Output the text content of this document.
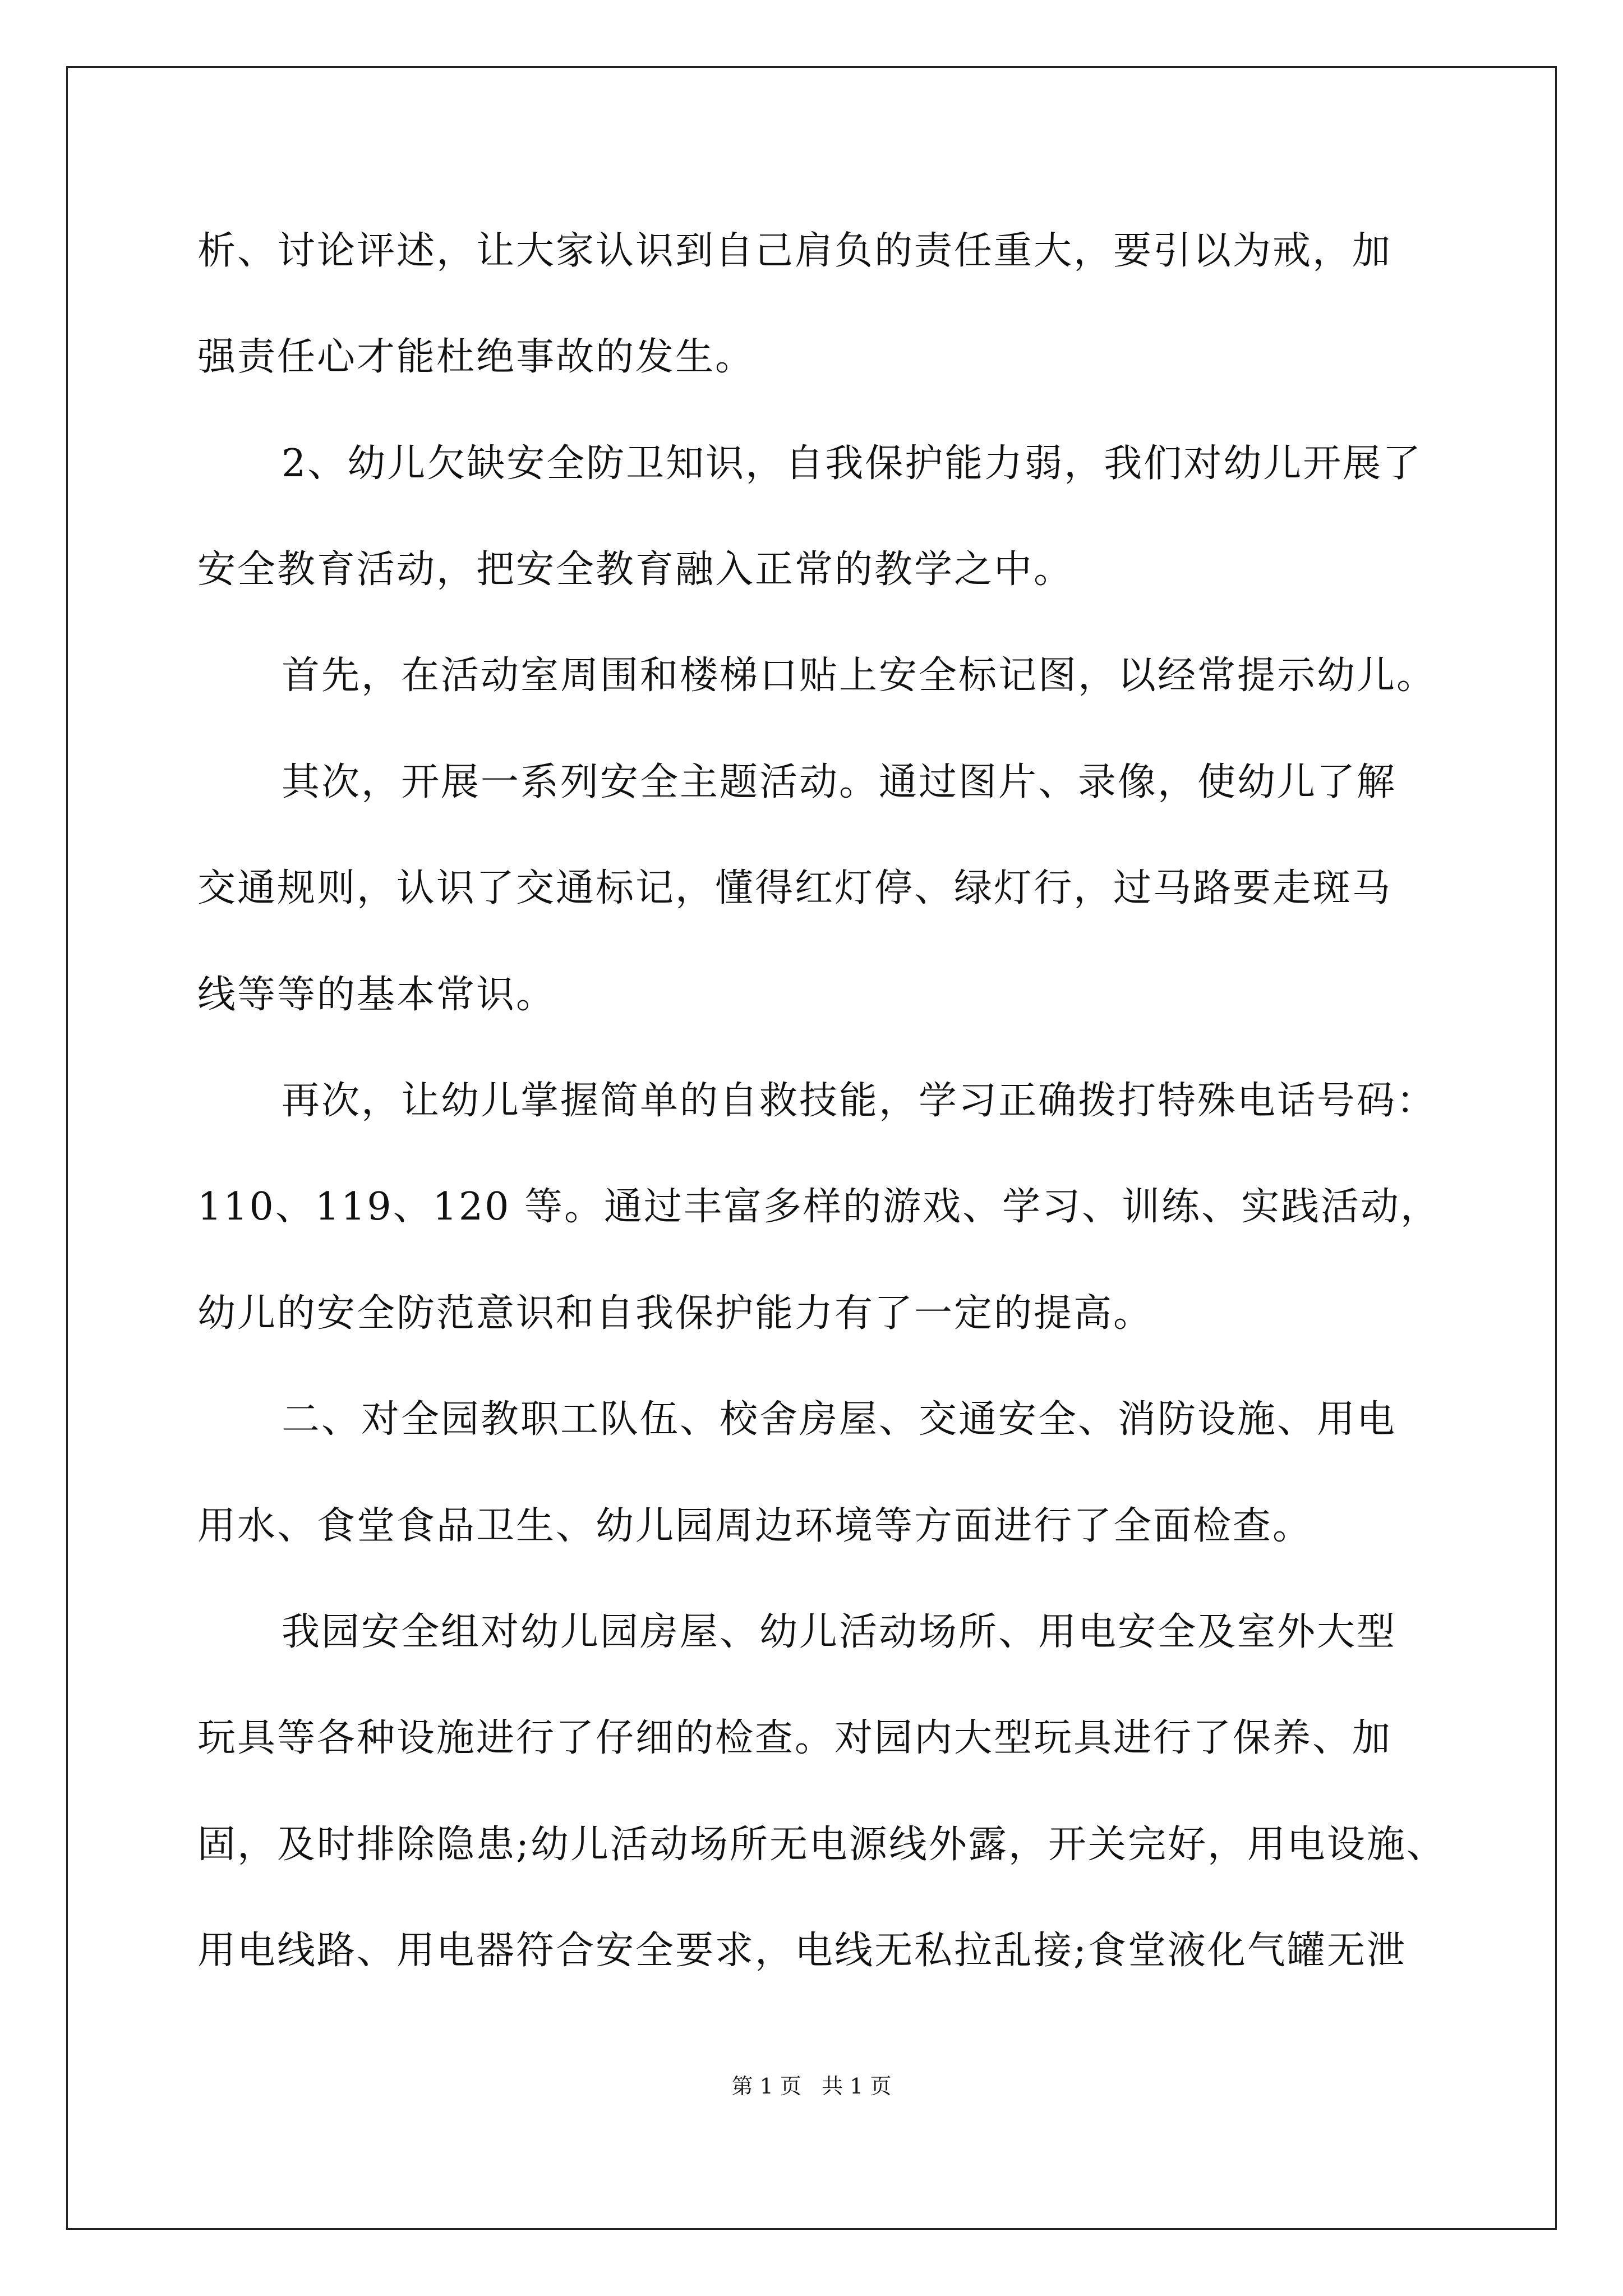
析、讨论评述，让大家认识到自己肩负的责任重大，要引以为戒，加
强责任心才能杜绝事故的发生。
2、幼儿欠缺安全防卫知识，自我保护能力弱，我们对幼儿开展了
安全教育活动，把安全教育融入正常的教学之中。
首先，在活动室周围和楼梯口贴上安全标记图，以经常提示幼儿。
其次，开展一系列安全主题活动。通过图片、录像，使幼儿了解
交通规则，认识了交通标记，懂得红灯停、绿灯行，过马路要走斑马
线等等的基本常识。
再次，让幼儿掌握简单的自救技能，学习正确拨打特殊电话号码：
110、119、120 等。通过丰富多样的游戏、学习、训练、实践活动，
幼儿的安全防范意识和自我保护能力有了一定的提高。
二、对全园教职工队伍、校舍房屋、交通安全、消防设施、用电
用水、食堂食品卫生、幼儿园周边环境等方面进行了全面检查。
我园安全组对幼儿园房屋、幼儿活动场所、用电安全及室外大型
玩具等各种设施进行了仔细的检查。对园内大型玩具进行了保养、加
固，及时排除隐患;幼儿活动场所无电源线外露，开关完好，用电设施、
用电线路、用电器符合安全要求，电线无私拉乱接;食堂液化气罐无泄
第 1 页   共 1 页
